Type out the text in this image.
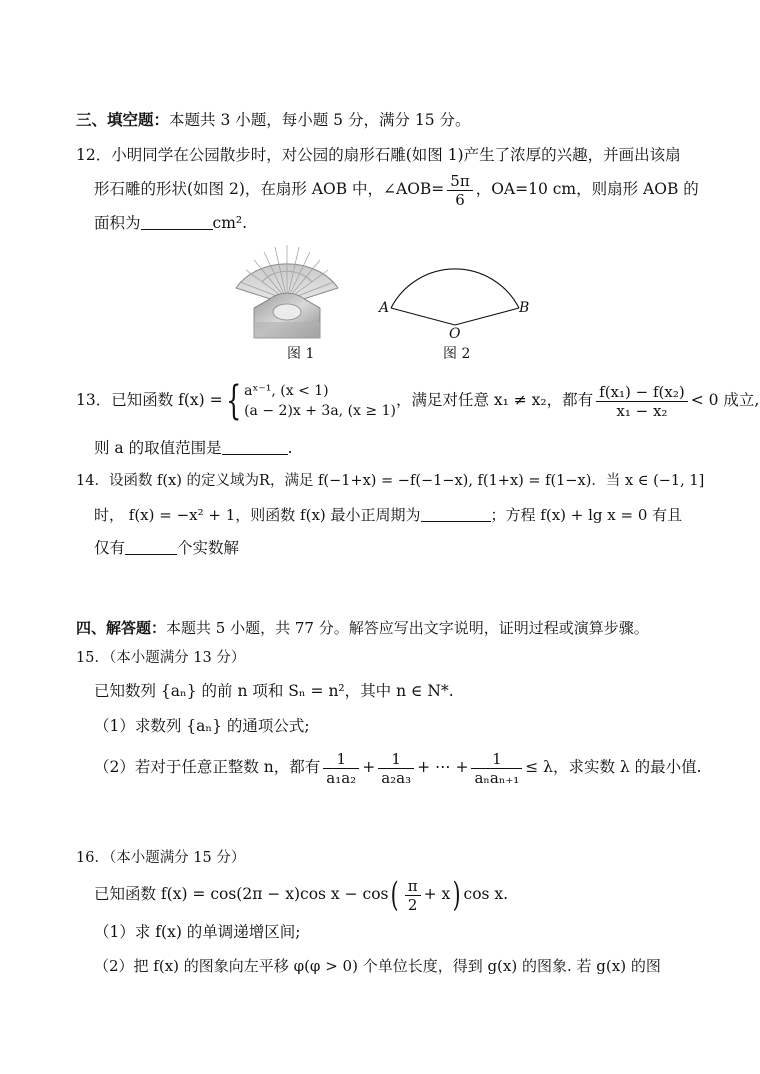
三、填空题：本题共 3 小题，每小题 5 分，满分 15 分。
12．小明同学在公园散步时，对公园的扇形石雕(如图 1)产生了浓厚的兴趣，并画出该扇
形石雕的形状(如图 2)，在扇形 AOB 中，∠AOB= $\frac{5\pi}{6}$ ，OA=10 cm，则扇形 AOB 的
面积为	cm².
图 1
A	B
O
图 2
13．已知函数 f(x) ={ aˣ⁻¹, (x < 1)
(a − 2)x + 3a, (x ≥ 1)
，满足对任意 x₁ ≠ x₂，都有 $\frac{\text{f(x₁) − f(x₂)}}{\text{x₁ − x₂}} < 0$ 成立,
则 a 的取值范围是	.
14．设函数 f(x) 的定义域为R，满足 f(−1+x) = −f(−1−x), f(1+x) = f(1−x)．当 x ∈ (−1, 1]
时， f(x) = −x² + 1，则函数 f(x) 最小正周期为	；方程 f(x) + lg x = 0 有且
仅有	个实数解
四、解答题：本题共 5 小题，共 77 分。解答应写出文字说明，证明过程或演算步骤。
15．（本小题满分 13 分）
已知数列 {aₙ} 的前 n 项和 Sₙ = n²，其中 n ∈ N*.
（1）求数列 {aₙ} 的通项公式;
（2）若对于任意正整数 n，都有 $\frac{1}{\text{a₁a₂}} + \frac{1}{\text{a₂a₃}}$ + ⋯ + $\frac{1}{\text{aₙaₙ₊₁}} \le \lambda$，求实数 λ 的最小值.
16．（本小题满分 15 分）
已知函数 f(x) = cos(2π − x)cos $x - \cos( \frac{\pi}{2} + x)$ cos x.
（1）求 f(x) 的单调递增区间;
（2）把 f(x) 的图象向左平移 φ(φ > 0) 个单位长度，得到 g(x) 的图象. 若 g(x) 的图
